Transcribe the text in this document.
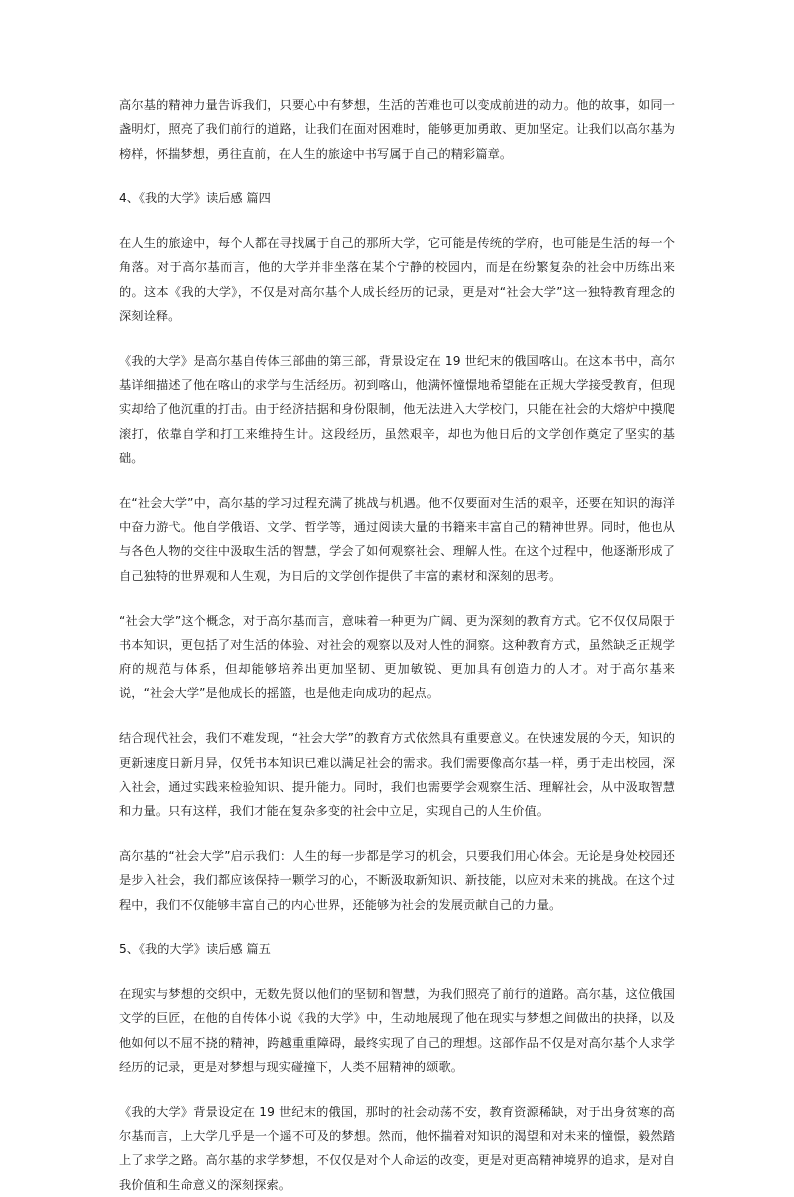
高尔基的精神力量告诉我们，只要心中有梦想，生活的苦难也可以变成前进的动力。他的故事，如同一盏明灯，照亮了我们前行的道路，让我们在面对困难时，能够更加勇敢、更加坚定。让我们以高尔基为榜样，怀揣梦想，勇往直前，在人生的旅途中书写属于自己的精彩篇章。

4、《我的大学》读后感 篇四

在人生的旅途中，每个人都在寻找属于自己的那所大学，它可能是传统的学府，也可能是生活的每一个角落。对于高尔基而言，他的大学并非坐落在某个宁静的校园内，而是在纷繁复杂的社会中历练出来的。这本《我的大学》，不仅是对高尔基个人成长经历的记录，更是对“社会大学”这一独特教育理念的深刻诠释。

《我的大学》是高尔基自传体三部曲的第三部，背景设定在 19 世纪末的俄国喀山。在这本书中，高尔基详细描述了他在喀山的求学与生活经历。初到喀山，他满怀憧憬地希望能在正规大学接受教育，但现实却给了他沉重的打击。由于经济拮据和身份限制，他无法进入大学校门，只能在社会的大熔炉中摸爬滚打，依靠自学和打工来维持生计。这段经历，虽然艰辛，却也为他日后的文学创作奠定了坚实的基础。

在“社会大学”中，高尔基的学习过程充满了挑战与机遇。他不仅要面对生活的艰辛，还要在知识的海洋中奋力游弋。他自学俄语、文学、哲学等，通过阅读大量的书籍来丰富自己的精神世界。同时，他也从与各色人物的交往中汲取生活的智慧，学会了如何观察社会、理解人性。在这个过程中，他逐渐形成了自己独特的世界观和人生观，为日后的文学创作提供了丰富的素材和深刻的思考。

“社会大学”这个概念，对于高尔基而言，意味着一种更为广阔、更为深刻的教育方式。它不仅仅局限于书本知识，更包括了对生活的体验、对社会的观察以及对人性的洞察。这种教育方式，虽然缺乏正规学府的规范与体系，但却能够培养出更加坚韧、更加敏锐、更加具有创造力的人才。对于高尔基来说，“社会大学”是他成长的摇篮，也是他走向成功的起点。

结合现代社会，我们不难发现，“社会大学”的教育方式依然具有重要意义。在快速发展的今天，知识的更新速度日新月异，仅凭书本知识已难以满足社会的需求。我们需要像高尔基一样，勇于走出校园，深入社会，通过实践来检验知识、提升能力。同时，我们也需要学会观察生活、理解社会，从中汲取智慧和力量。只有这样，我们才能在复杂多变的社会中立足，实现自己的人生价值。

高尔基的“社会大学”启示我们：人生的每一步都是学习的机会，只要我们用心体会。无论是身处校园还是步入社会，我们都应该保持一颗学习的心，不断汲取新知识、新技能，以应对未来的挑战。在这个过程中，我们不仅能够丰富自己的内心世界，还能够为社会的发展贡献自己的力量。

5、《我的大学》读后感 篇五

在现实与梦想的交织中，无数先贤以他们的坚韧和智慧，为我们照亮了前行的道路。高尔基，这位俄国文学的巨匠，在他的自传体小说《我的大学》中，生动地展现了他在现实与梦想之间做出的抉择，以及他如何以不屈不挠的精神，跨越重重障碍，最终实现了自己的理想。这部作品不仅是对高尔基个人求学经历的记录，更是对梦想与现实碰撞下，人类不屈精神的颂歌。

《我的大学》背景设定在 19 世纪末的俄国，那时的社会动荡不安，教育资源稀缺，对于出身贫寒的高尔基而言，上大学几乎是一个遥不可及的梦想。然而，他怀揣着对知识的渴望和对未来的憧憬，毅然踏上了求学之路。高尔基的求学梦想，不仅仅是对个人命运的改变，更是对更高精神境界的追求，是对自我价值和生命意义的深刻探索。
